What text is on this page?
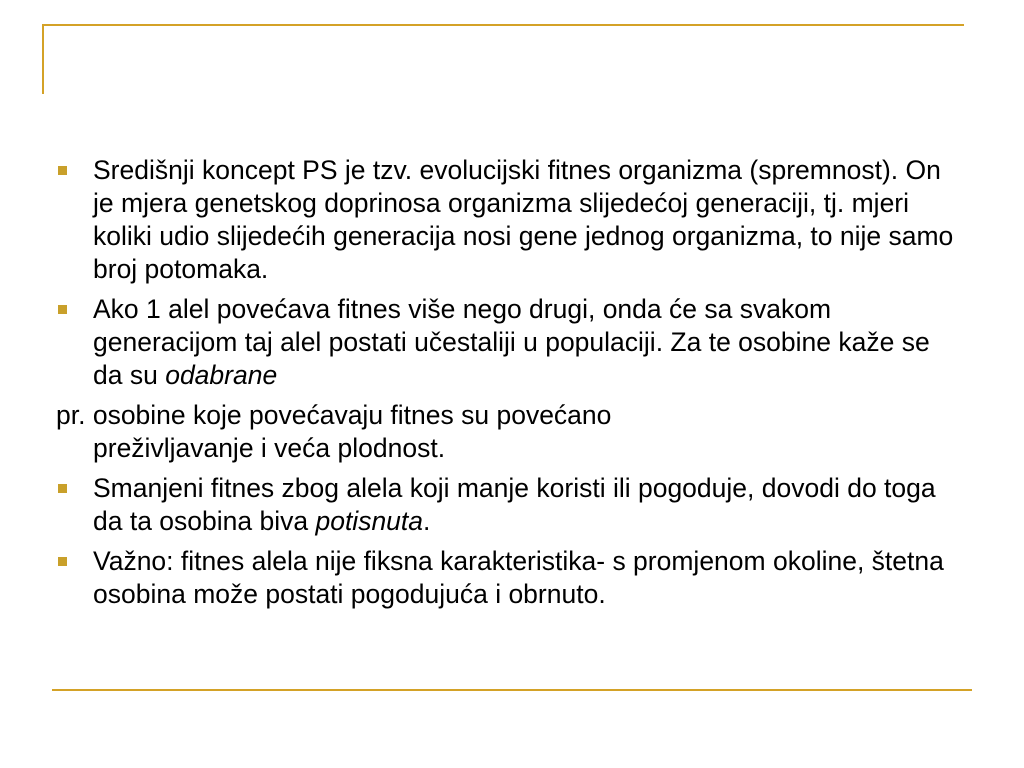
Središnji koncept PS je tzv. evolucijski fitnes organizma (spremnost). On je mjera genetskog doprinosa organizma slijedećoj generaciji, tj. mjeri koliki udio slijedećih generacija nosi gene jednog organizma, to nije samo broj potomaka.
Ako 1 alel povećava fitnes više nego drugi, onda će sa svakom generacijom taj alel postati učestaliji u populaciji. Za te osobine kaže se da su odabrane
pr. osobine koje povećavaju fitnes su povećano
preživljavanje i veća plodnost.
Smanjeni fitnes zbog alela koji manje koristi ili pogoduje, dovodi do toga da ta osobina biva potisnuta.
Važno: fitnes alela nije fiksna karakteristika- s promjenom okoline, štetna osobina može postati pogodujuća i obrnuto.
